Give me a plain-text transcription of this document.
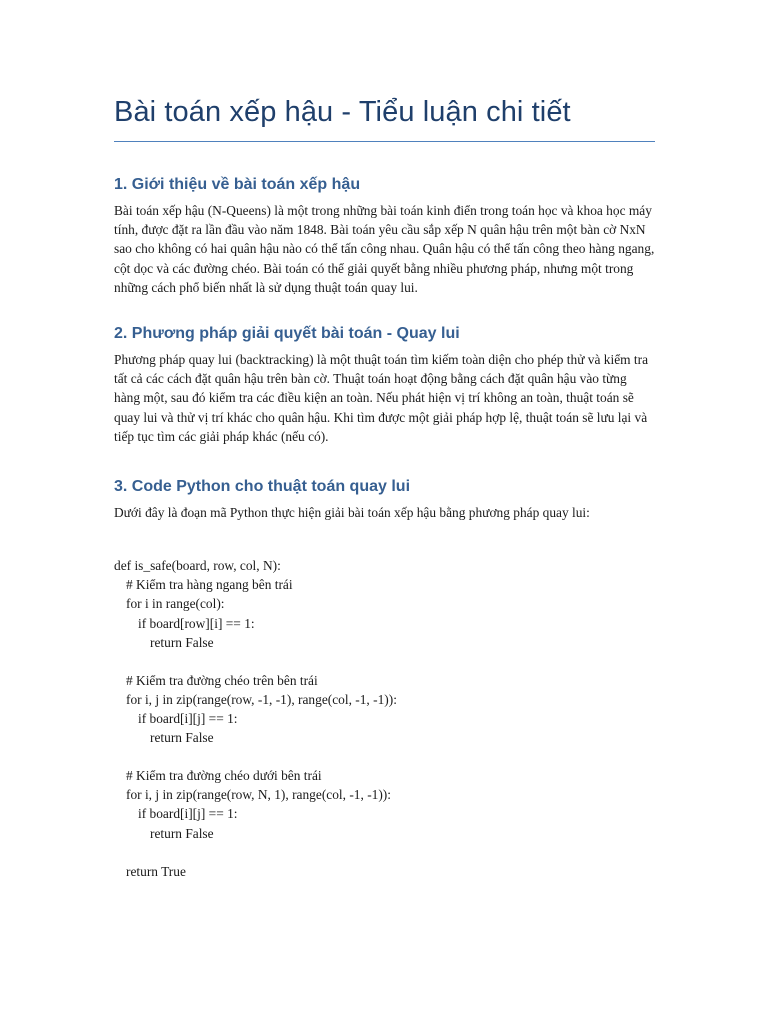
Bài toán xếp hậu - Tiểu luận chi tiết
1. Giới thiệu về bài toán xếp hậu

Bài toán xếp hậu (N-Queens) là một trong những bài toán kinh điển trong toán học và khoa học máy tính, được đặt ra lần đầu vào năm 1848. Bài toán yêu cầu sắp xếp N quân hậu trên một bàn cờ NxN sao cho không có hai quân hậu nào có thể tấn công nhau. Quân hậu có thể tấn công theo hàng ngang, cột dọc và các đường chéo. Bài toán có thể giải quyết bằng nhiều phương pháp, nhưng một trong những cách phổ biến nhất là sử dụng thuật toán quay lui.

2. Phương pháp giải quyết bài toán - Quay lui

Phương pháp quay lui (backtracking) là một thuật toán tìm kiếm toàn diện cho phép thử và kiểm tra tất cả các cách đặt quân hậu trên bàn cờ. Thuật toán hoạt động bằng cách đặt quân hậu vào từng hàng một, sau đó kiểm tra các điều kiện an toàn. Nếu phát hiện vị trí không an toàn, thuật toán sẽ quay lui và thử vị trí khác cho quân hậu. Khi tìm được một giải pháp hợp lệ, thuật toán sẽ lưu lại và tiếp tục tìm các giải pháp khác (nếu có).

3. Code Python cho thuật toán quay lui

Dưới đây là đoạn mã Python thực hiện giải bài toán xếp hậu bằng phương pháp quay lui:

def is_safe(board, row, col, N):
# Kiểm tra hàng ngang bên trái
for i in range(col):
if board[row][i] == 1:
return False
# Kiểm tra đường chéo trên bên trái
for i, j in zip(range(row, -1, -1), range(col, -1, -1)):
if board[i][j] == 1:
return False
# Kiểm tra đường chéo dưới bên trái
for i, j in zip(range(row, N, 1), range(col, -1, -1)):
if board[i][j] == 1:
return False
return True
